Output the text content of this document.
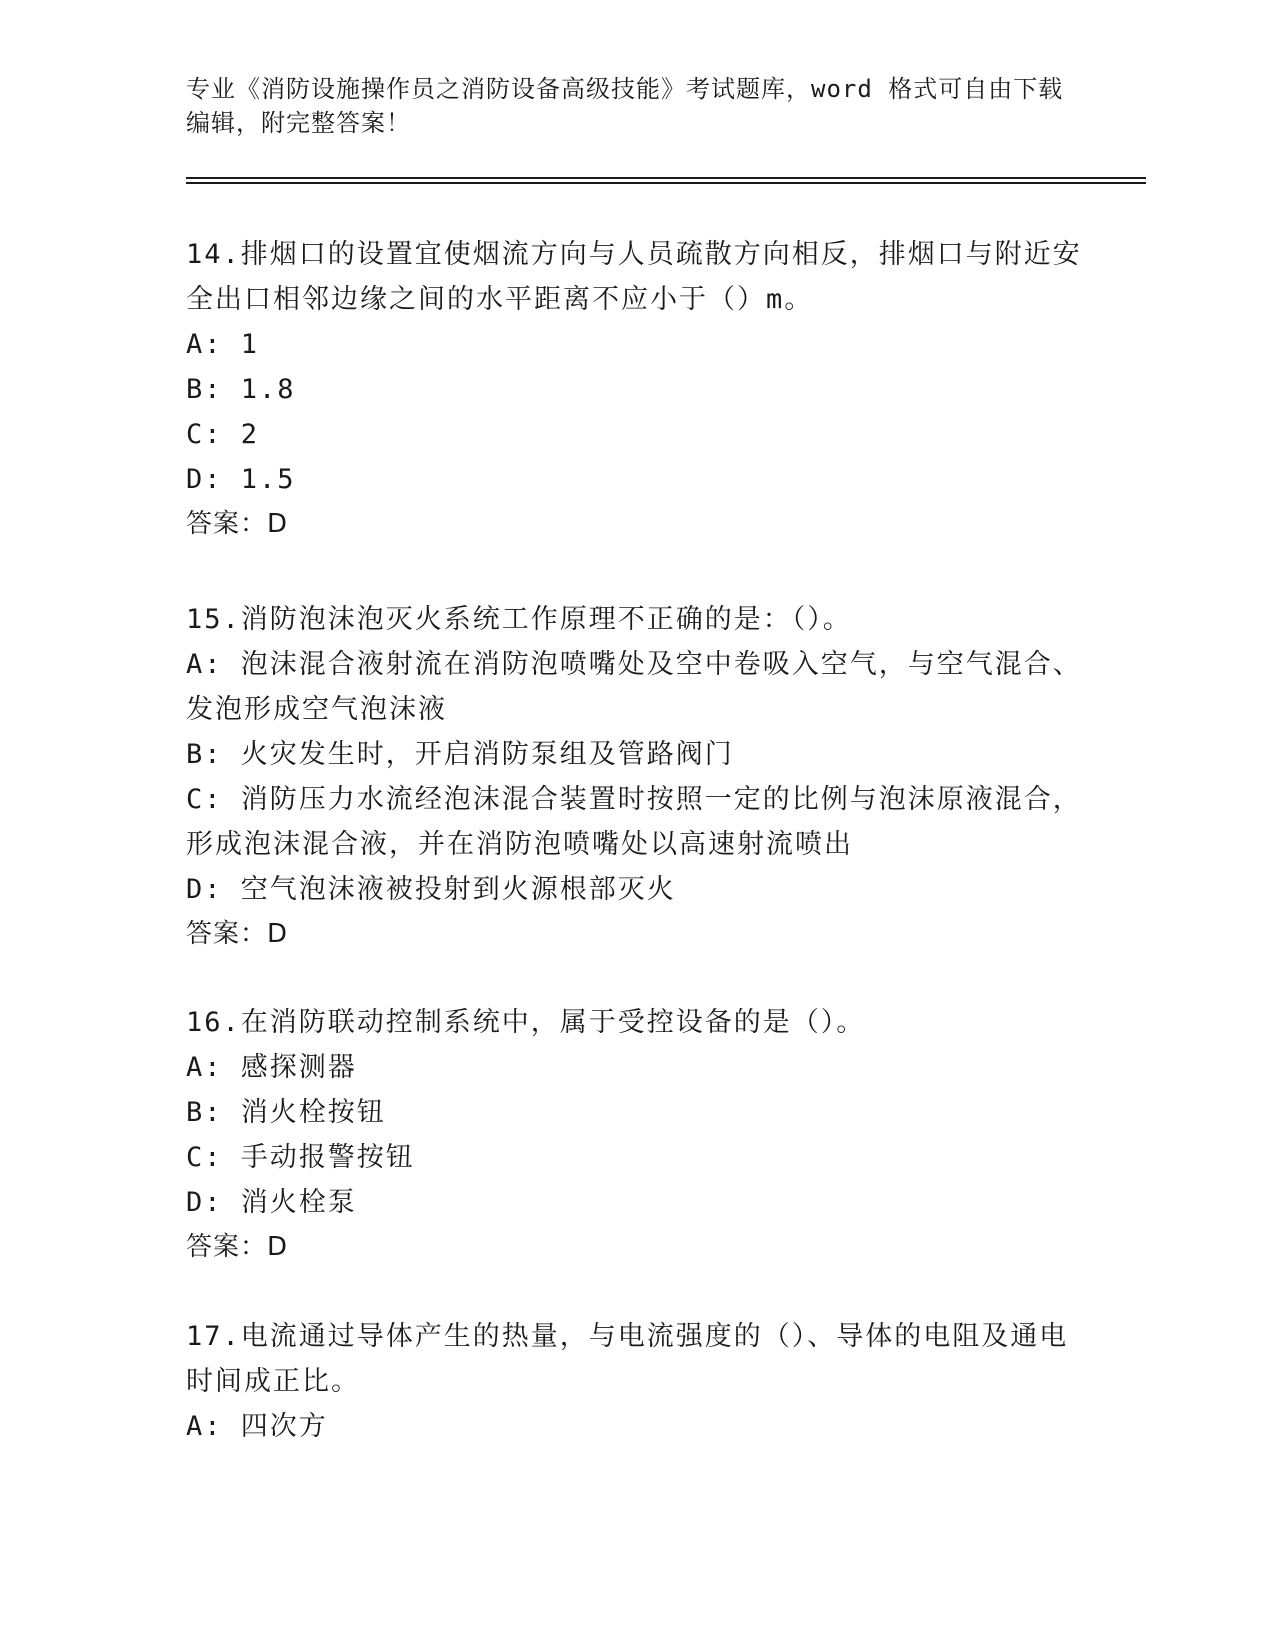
专业《消防设施操作员之消防设备高级技能》考试题库，word 格式可自由下载编辑，附完整答案！
14.排烟口的设置宜使烟流方向与人员疏散方向相反，排烟口与附近安全出口相邻边缘之间的水平距离不应小于（）m。
A: 1
B: 1.8
C: 2
D: 1.5
答案：D
15.消防泡沫泡灭火系统工作原理不正确的是：（）。
A: 泡沫混合液射流在消防泡喷嘴处及空中卷吸入空气，与空气混合、发泡形成空气泡沫液
B: 火灾发生时，开启消防泵组及管路阀门
C: 消防压力水流经泡沫混合装置时按照一定的比例与泡沫原液混合，形成泡沫混合液，并在消防泡喷嘴处以高速射流喷出
D: 空气泡沫液被投射到火源根部灭火
答案：D
16.在消防联动控制系统中，属于受控设备的是（）。
A: 感探测器
B: 消火栓按钮
C: 手动报警按钮
D: 消火栓泵
答案：D
17.电流通过导体产生的热量，与电流强度的（）、导体的电阻及通电时间成正比。
A: 四次方
